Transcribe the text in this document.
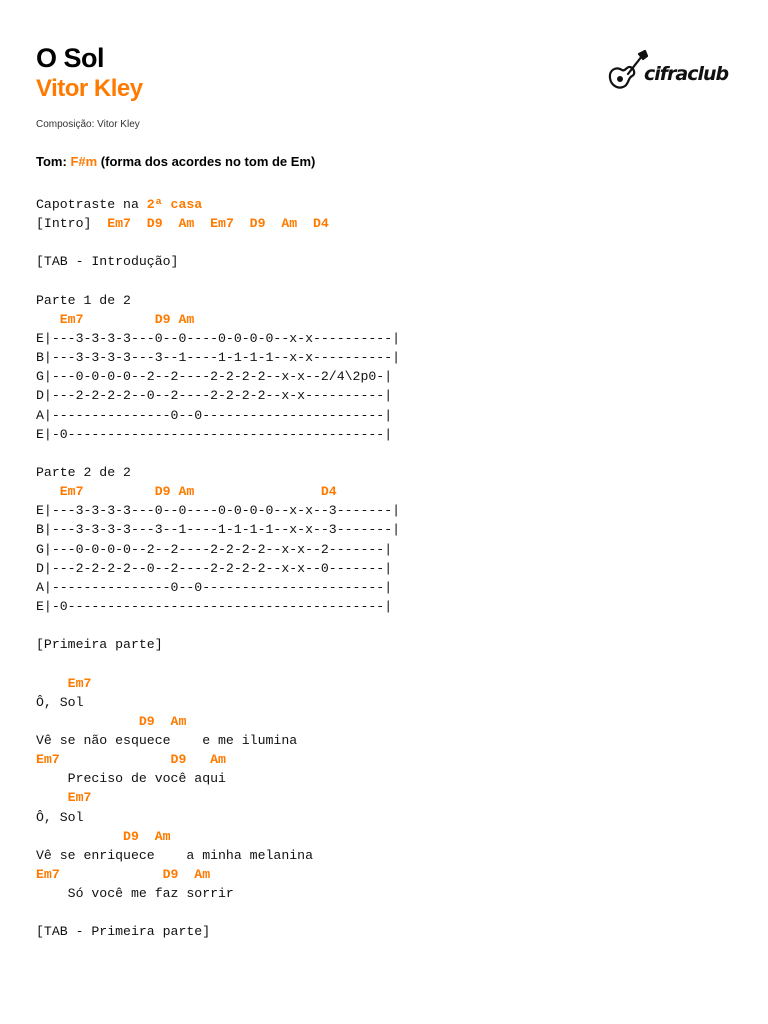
O Sol
Vitor Kley
Composição: Vitor Kley
cifraclub
Tom: F#m (forma dos acordes no tom de Em)
Capotraste na 2ª casa
[Intro]  Em7  D9  Am  Em7  D9  Am  D4
[TAB - Introdução]
Parte 1 de 2
Em7         D9 Am
E|---3-3-3-3---0--0----0-0-0-0--x-x----------|
B|---3-3-3-3---3--1----1-1-1-1--x-x----------|
G|---0-0-0-0--2--2----2-2-2-2--x-x--2/4\2p0-|
D|---2-2-2-2--0--2----2-2-2-2--x-x----------|
A|---------------0--0-----------------------|
E|-0----------------------------------------|
Parte 2 de 2
Em7         D9 Am                D4
E|---3-3-3-3---0--0----0-0-0-0--x-x--3-------|
B|---3-3-3-3---3--1----1-1-1-1--x-x--3-------|
G|---0-0-0-0--2--2----2-2-2-2--x-x--2-------|
D|---2-2-2-2--0--2----2-2-2-2--x-x--0-------|
A|---------------0--0-----------------------|
E|-0----------------------------------------|
[Primeira parte]
Em7
Ô, Sol
D9  Am
Vê se não esquece    e me ilumina
Em7              D9   Am
Preciso de você aqui
Em7
Ô, Sol
D9  Am
Vê se enriquece    a minha melanina
Em7             D9  Am
Só você me faz sorrir
[TAB - Primeira parte]
